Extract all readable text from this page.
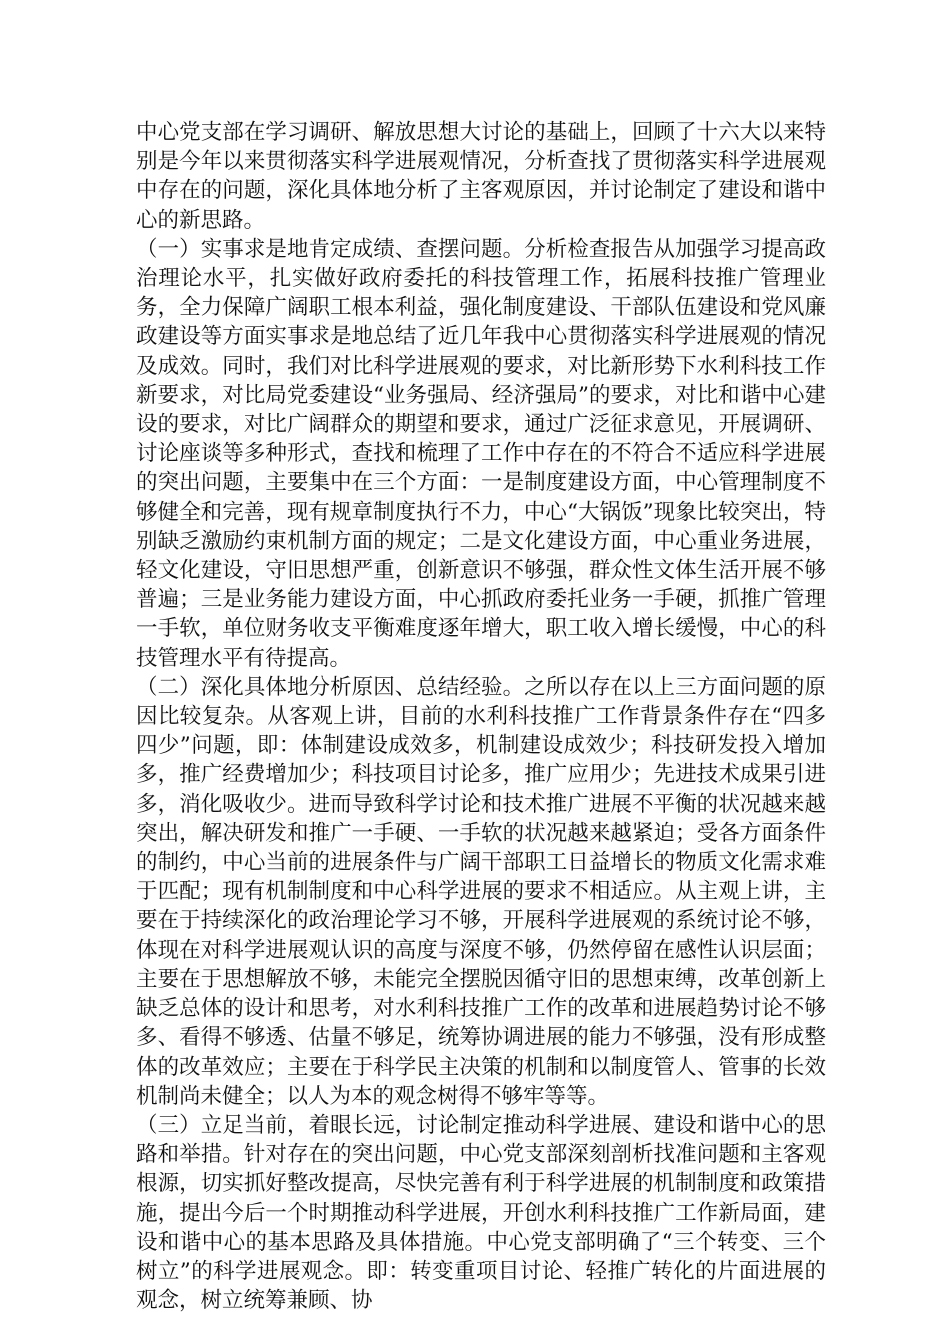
中心党支部在学习调研、解放思想大讨论的基础上，回顾了十六大以来特别是今年以来贯彻落实科学进展观情况，分析查找了贯彻落实科学进展观中存在的问题，深化具体地分析了主客观原因，并讨论制定了建设和谐中心的新思路。

（一）实事求是地肯定成绩、查摆问题。分析检查报告从加强学习提高政治理论水平，扎实做好政府委托的科技管理工作，拓展科技推广管理业务，全力保障广阔职工根本利益，强化制度建设、干部队伍建设和党风廉政建设等方面实事求是地总结了近几年我中心贯彻落实科学进展观的情况及成效。同时，我们对比科学进展观的要求，对比新形势下水利科技工作新要求，对比局党委建设“业务强局、经济强局”的要求，对比和谐中心建设的要求，对比广阔群众的期望和要求，通过广泛征求意见，开展调研、讨论座谈等多种形式，查找和梳理了工作中存在的不符合不适应科学进展的突出问题，主要集中在三个方面：一是制度建设方面，中心管理制度不够健全和完善，现有规章制度执行不力，中心“大锅饭”现象比较突出，特别缺乏激励约束机制方面的规定；二是文化建设方面，中心重业务进展，轻文化建设，守旧思想严重，创新意识不够强，群众性文体生活开展不够普遍；三是业务能力建设方面，中心抓政府委托业务一手硬，抓推广管理一手软，单位财务收支平衡难度逐年增大，职工收入增长缓慢，中心的科技管理水平有待提高。

（二）深化具体地分析原因、总结经验。之所以存在以上三方面问题的原因比较复杂。从客观上讲，目前的水利科技推广工作背景条件存在“四多四少”问题，即：体制建设成效多，机制建设成效少；科技研发投入增加多，推广经费增加少；科技项目讨论多，推广应用少；先进技术成果引进多，消化吸收少。进而导致科学讨论和技术推广进展不平衡的状况越来越突出，解决研发和推广一手硬、一手软的状况越来越紧迫；受各方面条件的制约，中心当前的进展条件与广阔干部职工日益增长的物质文化需求难于匹配；现有机制制度和中心科学进展的要求不相适应。从主观上讲，主要在于持续深化的政治理论学习不够，开展科学进展观的系统讨论不够，体现在对科学进展观认识的高度与深度不够，仍然停留在感性认识层面；主要在于思想解放不够，未能完全摆脱因循守旧的思想束缚，改革创新上缺乏总体的设计和思考，对水利科技推广工作的改革和进展趋势讨论不够多、看得不够透、估量不够足，统筹协调进展的能力不够强，没有形成整体的改革效应；主要在于科学民主决策的机制和以制度管人、管事的长效机制尚未健全；以人为本的观念树得不够牢等等。

（三）立足当前，着眼长远，讨论制定推动科学进展、建设和谐中心的思路和举措。针对存在的突出问题，中心党支部深刻剖析找准问题和主客观根源，切实抓好整改提高，尽快完善有利于科学进展的机制制度和政策措施，提出今后一个时期推动科学进展，开创水利科技推广工作新局面，建设和谐中心的基本思路及具体措施。中心党支部明确了“三个转变、三个树立”的科学进展观念。即：转变重项目讨论、轻推广转化的片面进展的观念，树立统筹兼顾、协
